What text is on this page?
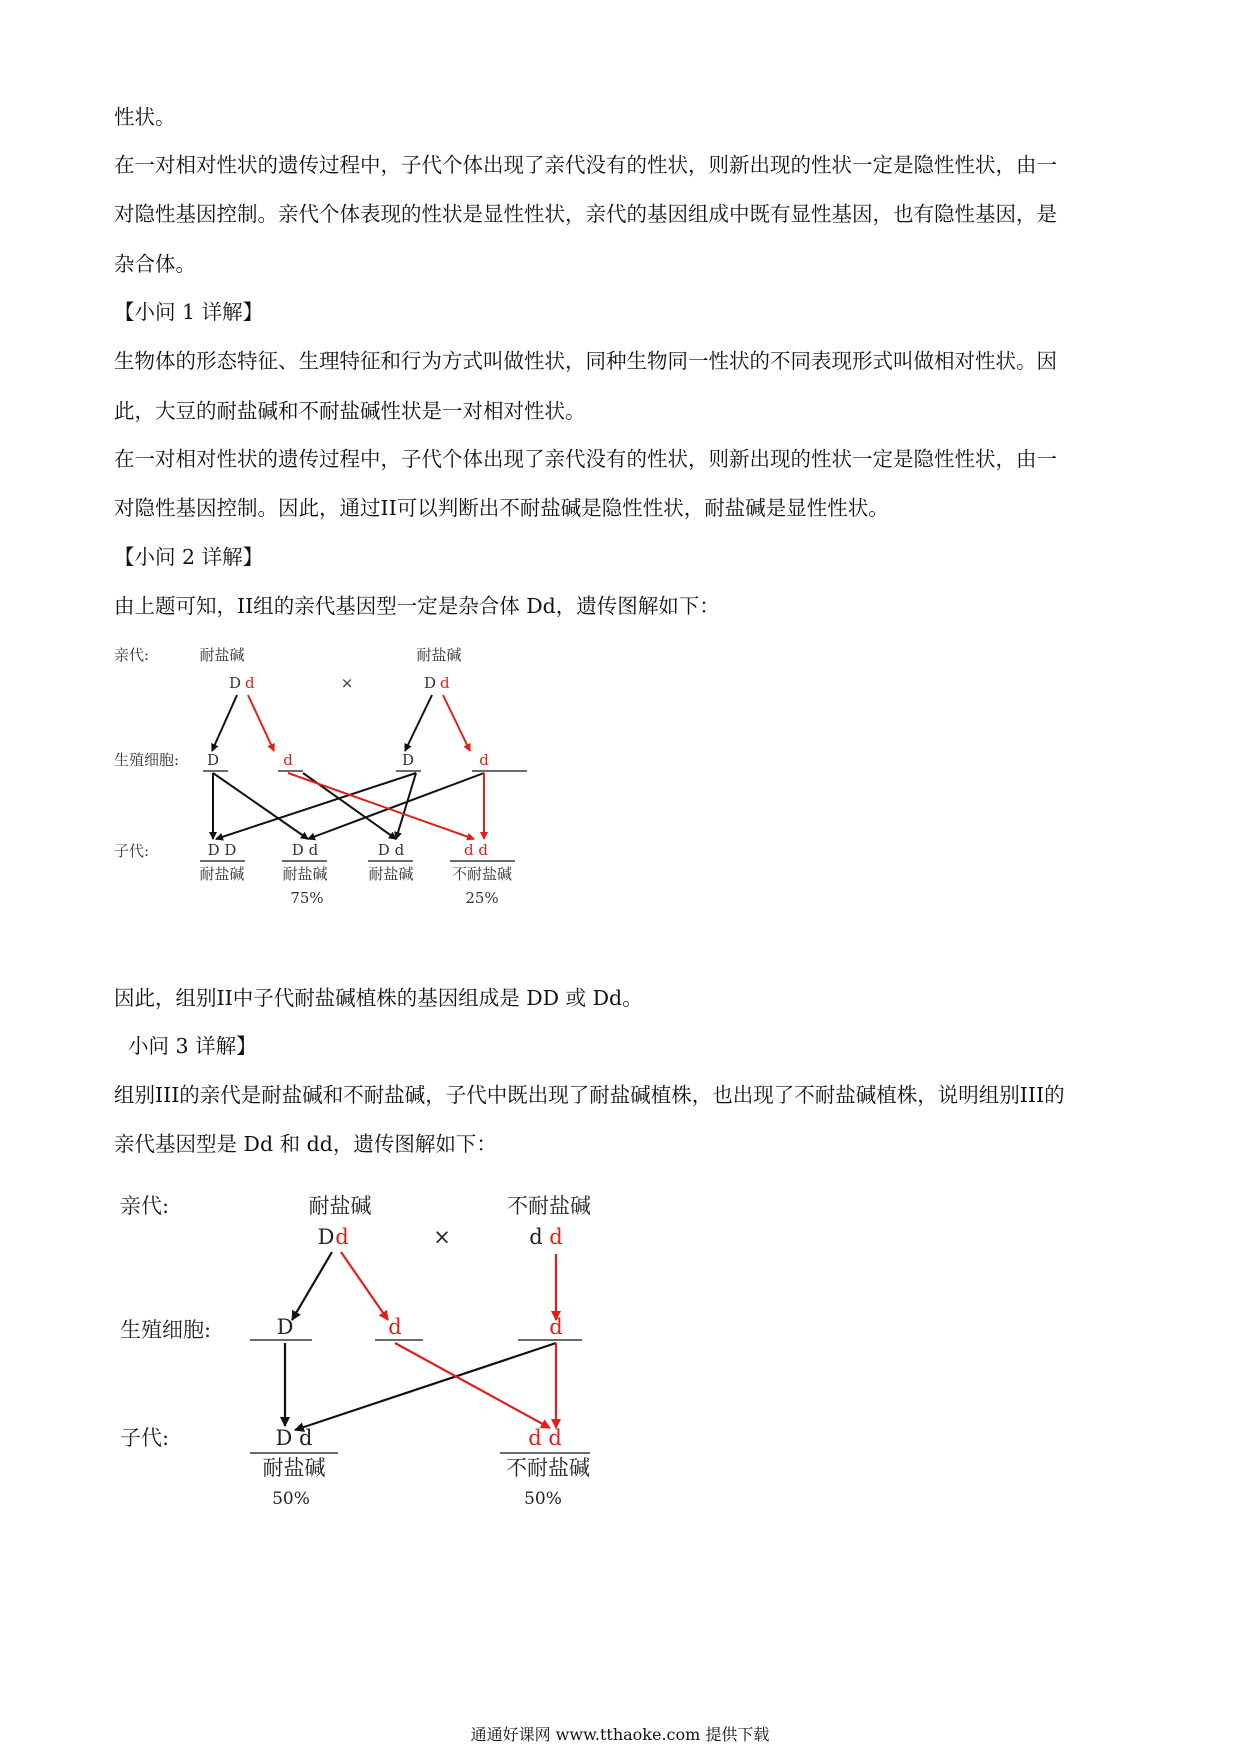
性状。
在一对相对性状的遗传过程中，子代个体出现了亲代没有的性状，则新出现的性状一定是隐性性状，由一
对隐性基因控制。亲代个体表现的性状是显性性状，亲代的基因组成中既有显性基因，也有隐性基因，是
杂合体。
【小问 1 详解】
生物体的形态特征、生理特征和行为方式叫做性状，同种生物同一性状的不同表现形式叫做相对性状。因
此，大豆的耐盐碱和不耐盐碱性状是一对相对性状。
在一对相对性状的遗传过程中，子代个体出现了亲代没有的性状，则新出现的性状一定是隐性性状，由一
对隐性基因控制。因此，通过II可以判断出不耐盐碱是隐性性状，耐盐碱是显性性状。
【小问 2 详解】
由上题可知，II组的亲代基因型一定是杂合体 Dd，遗传图解如下：
因此，组别II中子代耐盐碱植株的基因组成是 DD 或 Dd。
小问 3 详解】
组别III的亲代是耐盐碱和不耐盐碱，子代中既出现了耐盐碱植株，也出现了不耐盐碱植株，说明组别III的
亲代基因型是 Dd 和 dd，遗传图解如下：
亲代:
生殖细胞:
子代:
耐盐碱	耐盐碱
×
D d	D d
D	d	D	d
D D	D d	D d	d d
耐盐碱	耐盐碱	耐盐碱	不耐盐碱
75%	25%
亲代:
生殖细胞:
子代:
耐盐碱	不耐盐碱
×
D d	d d
D	d	d
D d	d d
耐盐碱	不耐盐碱
50%	50%
通通好课网 www.tthaoke.com 提供下载
